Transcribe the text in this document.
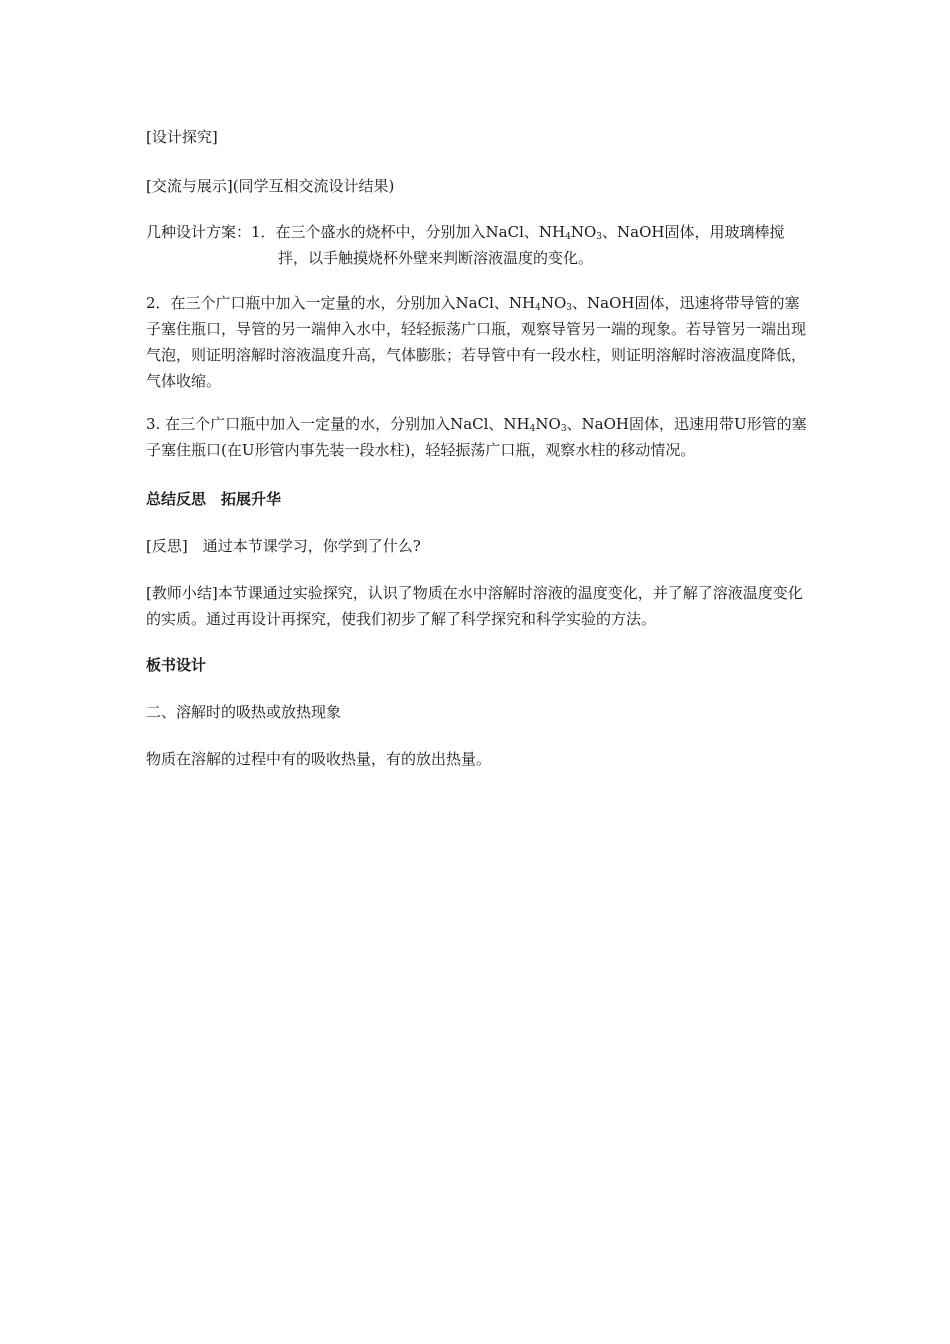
[设计探究]

[交流与展示](同学互相交流设计结果)

几种设计方案：1．在三个盛水的烧杯中，分别加入NaCl、$NH_4NO_3$、NaOH固体，用玻璃棒搅
拌，以手触摸烧杯外壁来判断溶液温度的变化。

2．在三个广口瓶中加入一定量的水，分别加入NaCl、$NH_4NO_3$、NaOH固体，迅速将带导管的塞子塞住瓶口，导管的另一端伸入水中，轻轻振荡广口瓶，观察导管另一端的现象。若导管另一端出现气泡，则证明溶解时溶液温度升高，气体膨胀；若导管中有一段水柱，则证明溶解时溶液温度降低，气体收缩。

3. 在三个广口瓶中加入一定量的水，分别加入NaCl、$NH_4NO_3$、NaOH固体，迅速用带U形管的塞子塞住瓶口(在U形管内事先装一段水柱)，轻轻振荡广口瓶，观察水柱的移动情况。

总结反思　拓展升华

[反思]　通过本节课学习，你学到了什么?

[教师小结]本节课通过实验探究，认识了物质在水中溶解时溶液的温度变化，并了解了溶液温度变化的实质。通过再设计再探究，使我们初步了解了科学探究和科学实验的方法。

板书设计

二、溶解时的吸热或放热现象

物质在溶解的过程中有的吸收热量，有的放出热量。
